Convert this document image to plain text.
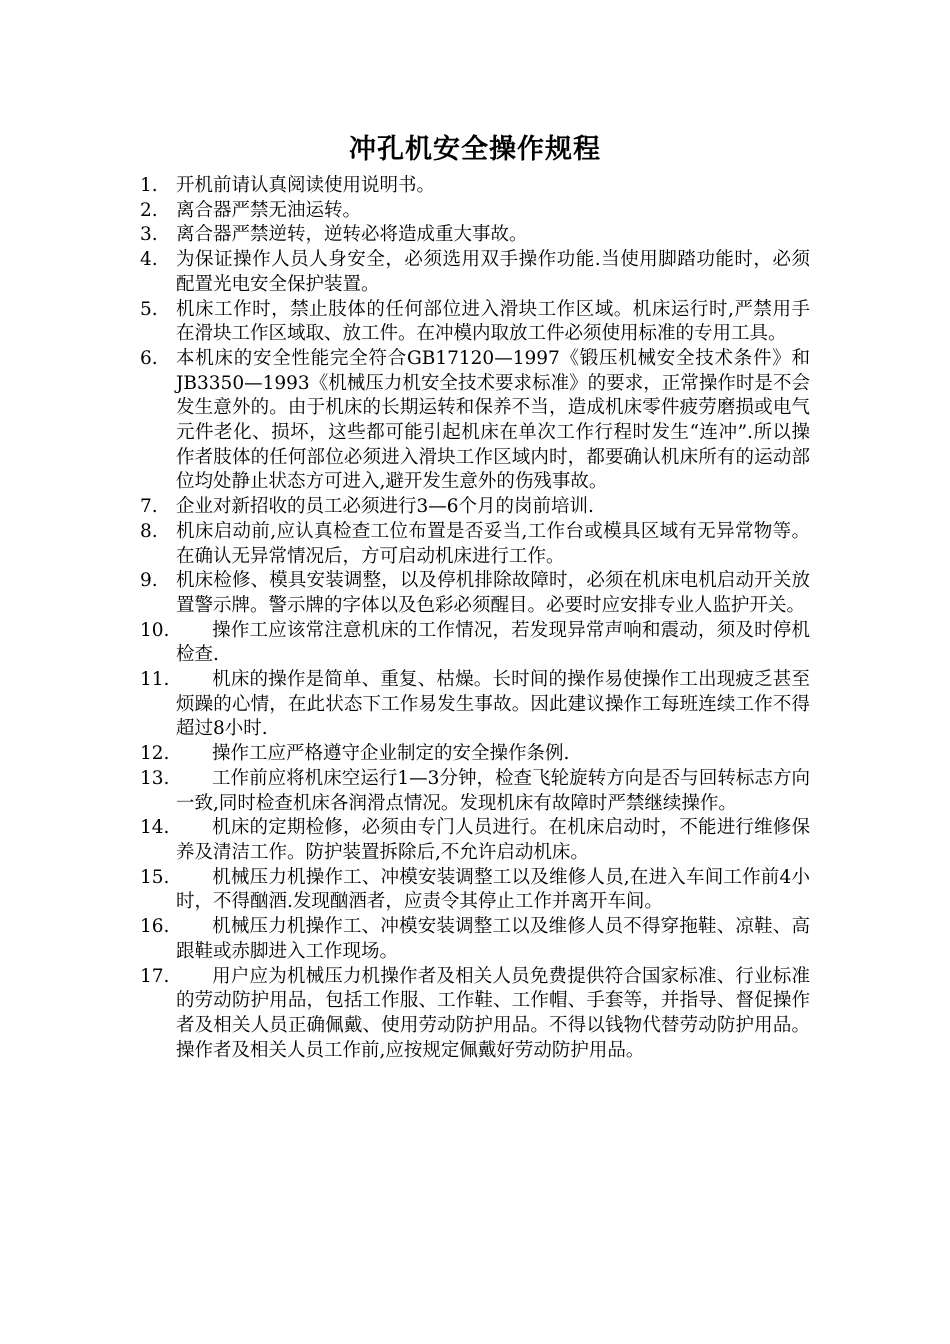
冲孔机安全操作规程
1. 开机前请认真阅读使用说明书。
2. 离合器严禁无油运转。
3. 离合器严禁逆转，逆转必将造成重大事故。
4. 为保证操作人员人身安全，必须选用双手操作功能.当使用脚踏功能时，必须配置光电安全保护装置。
5. 机床工作时，禁止肢体的任何部位进入滑块工作区域。机床运行时,严禁用手在滑块工作区域取、放工件。在冲模内取放工件必须使用标准的专用工具。
6. 本机床的安全性能完全符合GB17120—1997《锻压机械安全技术条件》和JB3350—1993《机械压力机安全技术要求标准》的要求，正常操作时是不会发生意外的。由于机床的长期运转和保养不当，造成机床零件疲劳磨损或电气元件老化、损坏，这些都可能引起机床在单次工作行程时发生“连冲”.所以操作者肢体的任何部位必须进入滑块工作区域内时，都要确认机床所有的运动部位均处静止状态方可进入,避开发生意外的伤残事故。
7. 企业对新招收的员工必须进行3—6个月的岗前培训.
8. 机床启动前,应认真检查工位布置是否妥当,工作台或模具区域有无异常物等。在确认无异常情况后，方可启动机床进行工作。
9. 机床检修、模具安装调整，以及停机排除故障时，必须在机床电机启动开关放置警示牌。警示牌的字体以及色彩必须醒目。必要时应安排专业人监护开关。
10.	操作工应该常注意机床的工作情况，若发现异常声响和震动，须及时停机检查.
11.	机床的操作是简单、重复、枯燥。长时间的操作易使操作工出现疲乏甚至烦躁的心情，在此状态下工作易发生事故。因此建议操作工每班连续工作不得超过8小时.
12.	操作工应严格遵守企业制定的安全操作条例.
13.	工作前应将机床空运行1—3分钟，检查飞轮旋转方向是否与回转标志方向一致,同时检查机床各润滑点情况。发现机床有故障时严禁继续操作。
14.	机床的定期检修，必须由专门人员进行。在机床启动时，不能进行维修保养及清洁工作。防护装置拆除后,不允许启动机床。
15.	机械压力机操作工、冲模安装调整工以及维修人员,在进入车间工作前4小时，不得酗酒.发现酗酒者，应责令其停止工作并离开车间。
16.	机械压力机操作工、冲模安装调整工以及维修人员不得穿拖鞋、凉鞋、高跟鞋或赤脚进入工作现场。
17.	用户应为机械压力机操作者及相关人员免费提供符合国家标准、行业标准的劳动防护用品，包括工作服、工作鞋、工作帽、手套等，并指导、督促操作者及相关人员正确佩戴、使用劳动防护用品。不得以钱物代替劳动防护用品。操作者及相关人员工作前,应按规定佩戴好劳动防护用品。
